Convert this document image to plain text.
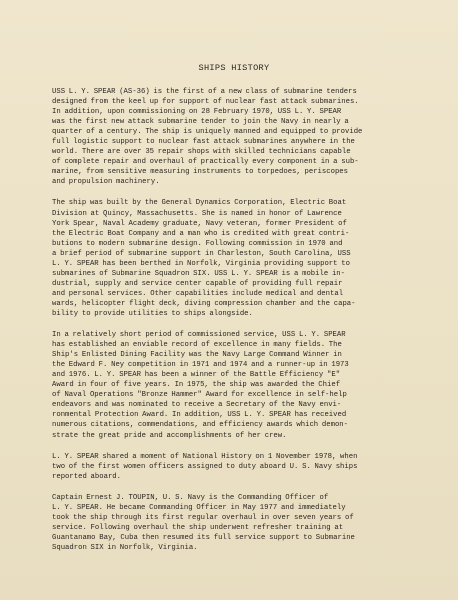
SHIPS HISTORY
USS L. Y. SPEAR (AS-36) is the first of a new class of submarine tenders
designed from the keel up for support of nuclear fast attack submarines.
In addition, upon commissioning on 28 February 1970, USS L. Y. SPEAR
was the first new attack submarine tender to join the Navy in nearly a
quarter of a century. The ship is uniquely manned and equipped to provide
full logistic support to nuclear fast attack submarines anywhere in the
world. There are over 35 repair shops with skilled technicians capable
of complete repair and overhaul of practically every component in a sub-
marine, from sensitive measuring instruments to torpedoes, periscopes
and propulsion machinery.
The ship was built by the General Dynamics Corporation, Electric Boat
Division at Quincy, Massachusetts. She is named in honor of Lawrence
York Spear, Naval Academy graduate, Navy veteran, former President of
the Electric Boat Company and a man who is credited with great contri-
butions to modern submarine design. Following commission in 1970 and
a brief period of submarine support in Charleston, South Carolina, USS
L. Y. SPEAR has been berthed in Norfolk, Virginia providing support to
submarines of Submarine Squadron SIX. USS L. Y. SPEAR is a mobile in-
dustrial, supply and service center capable of providing full repair
and personal services. Other capabilities include medical and dental
wards, helicopter flight deck, diving compression chamber and the capa-
bility to provide utilities to ships alongside.
In a relatively short period of commissioned service, USS L. Y. SPEAR
has established an enviable record of excellence in many fields. The
Ship's Enlisted Dining Facility was the Navy Large Command Winner in
the Edward F. Ney competition in 1971 and 1974 and a runner-up in 1973
and 1976. L. Y. SPEAR has been a winner of the Battle Efficiency "E"
Award in four of five years. In 1975, the ship was awarded the Chief
of Naval Operations "Bronze Hammer" Award for excellence in self-help
endeavors and was nominated to receive a Secretary of the Navy envi-
ronmental Protection Award. In addition, USS L. Y. SPEAR has received
numerous citations, commendations, and efficiency awards which demon-
strate the great pride and accomplishments of her crew.
L. Y. SPEAR shared a moment of National History on 1 November 1978, when
two of the first women officers assigned to duty aboard U. S. Navy ships
reported aboard.
Captain Ernest J. TOUPIN, U. S. Navy is the Commanding Officer of
L. Y. SPEAR. He became Commanding Officer in May 1977 and immediately
took the ship through its first regular overhaul in over seven years of
service. Following overhaul the ship underwent refresher training at
Guantanamo Bay, Cuba then resumed its full service support to Submarine
Squadron SIX in Norfolk, Virginia.
